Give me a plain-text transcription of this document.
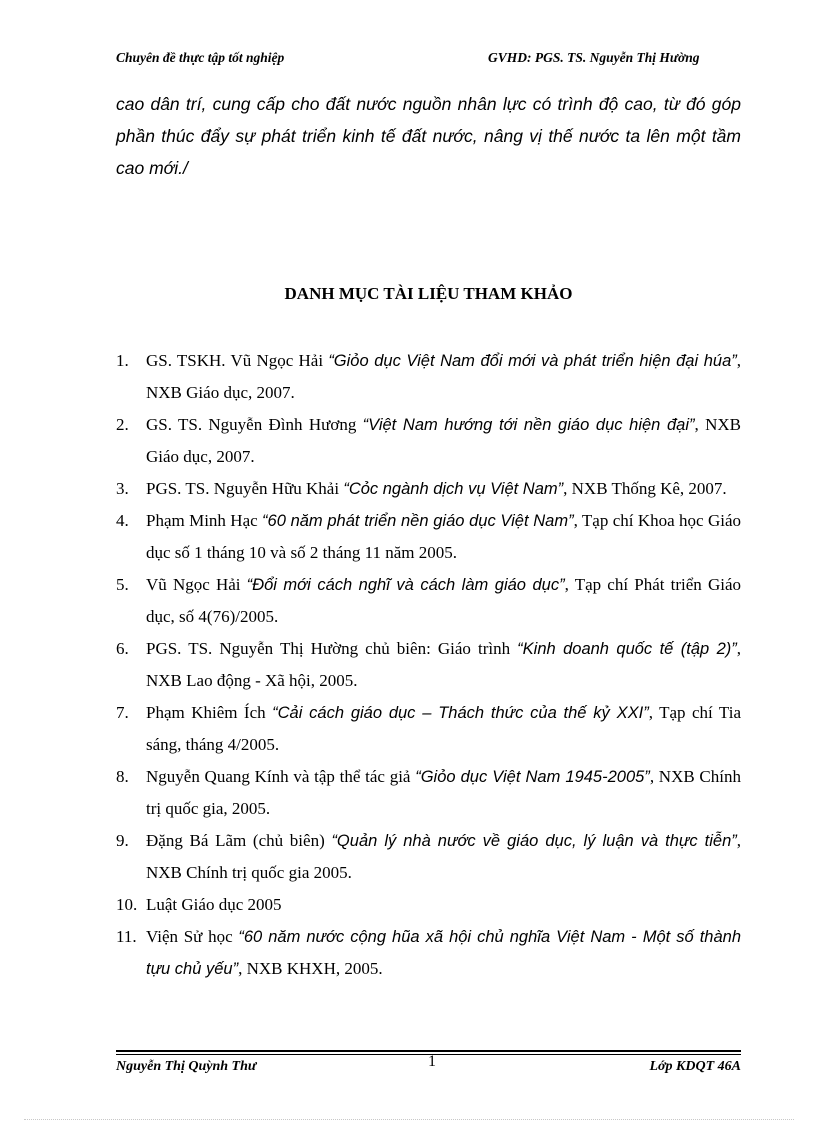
Chuyên đề thực tập tốt nghiệp	GVHD: PGS. TS. Nguyễn Thị Hường
cao dân trí, cung cấp cho đất nước nguồn nhân lực có trình độ cao, từ đó góp phần thúc đẩy sự phát triển kinh tế đất nước, nâng vị thế nước ta lên một tầm cao mới./
DANH MỤC TÀI LIỆU THAM KHẢO
1. GS. TSKH. Vũ Ngọc Hải “Giỏo dục Việt Nam đổi mới và phát triển hiện đại húa”, NXB Giáo dục, 2007.
2. GS. TS. Nguyễn Đình Hương “Việt Nam hướng tới nền giáo dục hiện đại”, NXB Giáo dục, 2007.
3. PGS. TS. Nguyễn Hữu Khải “Cỏc ngành dịch vụ Việt Nam”, NXB Thống Kê, 2007.
4. Phạm Minh Hạc “60 năm phát triển nền giáo dục Việt Nam”, Tạp chí Khoa học Giáo dục số 1 tháng 10 và số 2 tháng 11 năm 2005.
5. Vũ Ngọc Hải “Đổi mới cách nghĩ và cách làm giáo dục”, Tạp chí Phát triển Giáo dục, số 4(76)/2005.
6. PGS. TS. Nguyễn Thị Hường chủ biên: Giáo trình “Kinh doanh quốc tế (tập 2)”, NXB Lao động - Xã hội, 2005.
7. Phạm Khiêm Ích “Cải cách giáo dục – Thách thức của thế kỷ XXI”, Tạp chí Tia sáng, tháng 4/2005.
8. Nguyễn Quang Kính và tập thể tác giả “Giỏo dục Việt Nam 1945-2005”, NXB Chính trị quốc gia, 2005.
9. Đặng Bá Lãm (chủ biên) “Quản lý nhà nước về giáo dục, lý luận và thực tiễn”, NXB Chính trị quốc gia 2005.
10. Luật Giáo dục 2005
11. Viện Sử học “60 năm nước cộng hũa xã hội chủ nghĩa Việt Nam - Một số thành tựu chủ yếu”, NXB KHXH, 2005.
Nguyễn Thị Quỳnh Thư	1	Lớp KDQT 46A
